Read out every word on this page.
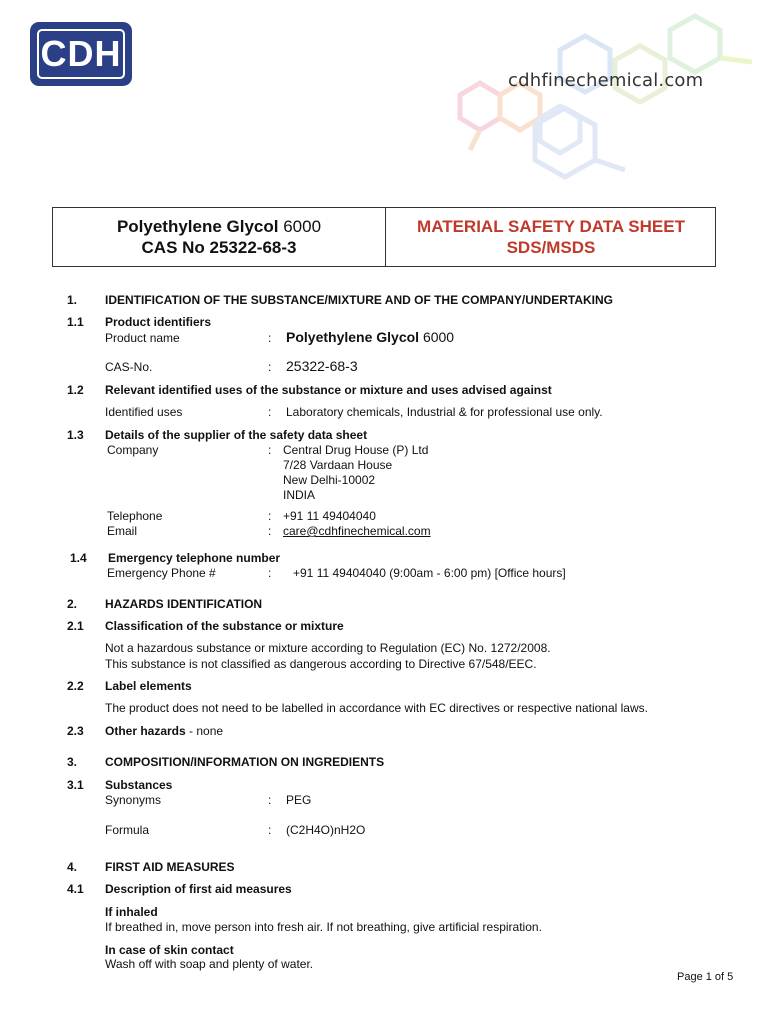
CDH
cdhfinechemical.com
Polyethylene Glycol 6000
CAS No 25322-68-3
MATERIAL SAFETY DATA SHEET
SDS/MSDS
1. IDENTIFICATION OF THE SUBSTANCE/MIXTURE AND OF THE COMPANY/UNDERTAKING
1.1 Product identifiers
Product name	: Polyethylene Glycol 6000
CAS-No.	: 25322-68-3
1.2 Relevant identified uses of the substance or mixture and uses advised against
Identified uses	: Laboratory chemicals, Industrial & for professional use only.
1.3 Details of the supplier of the safety data sheet
Company	: Central Drug House (P) Ltd
7/28 Vardaan House
New Delhi-10002
INDIA
Telephone	: +91 11 49404040
Email	: care@cdhfinechemical.com
1.4 Emergency telephone number
Emergency Phone #	: +91 11 49404040 (9:00am - 6:00 pm) [Office hours]
2. HAZARDS IDENTIFICATION
2.1 Classification of the substance or mixture
Not a hazardous substance or mixture according to Regulation (EC) No. 1272/2008.
This substance is not classified as dangerous according to Directive 67/548/EEC.
2.2 Label elements
The product does not need to be labelled in accordance with EC directives or respective national laws.
2.3 Other hazards - none
3. COMPOSITION/INFORMATION ON INGREDIENTS
3.1 Substances
Synonyms	: PEG
Formula	: (C2H4O)nH2O
4. FIRST AID MEASURES
4.1 Description of first aid measures
If inhaled
If breathed in, move person into fresh air. If not breathing, give artificial respiration.
In case of skin contact
Wash off with soap and plenty of water.
Page 1 of 5
